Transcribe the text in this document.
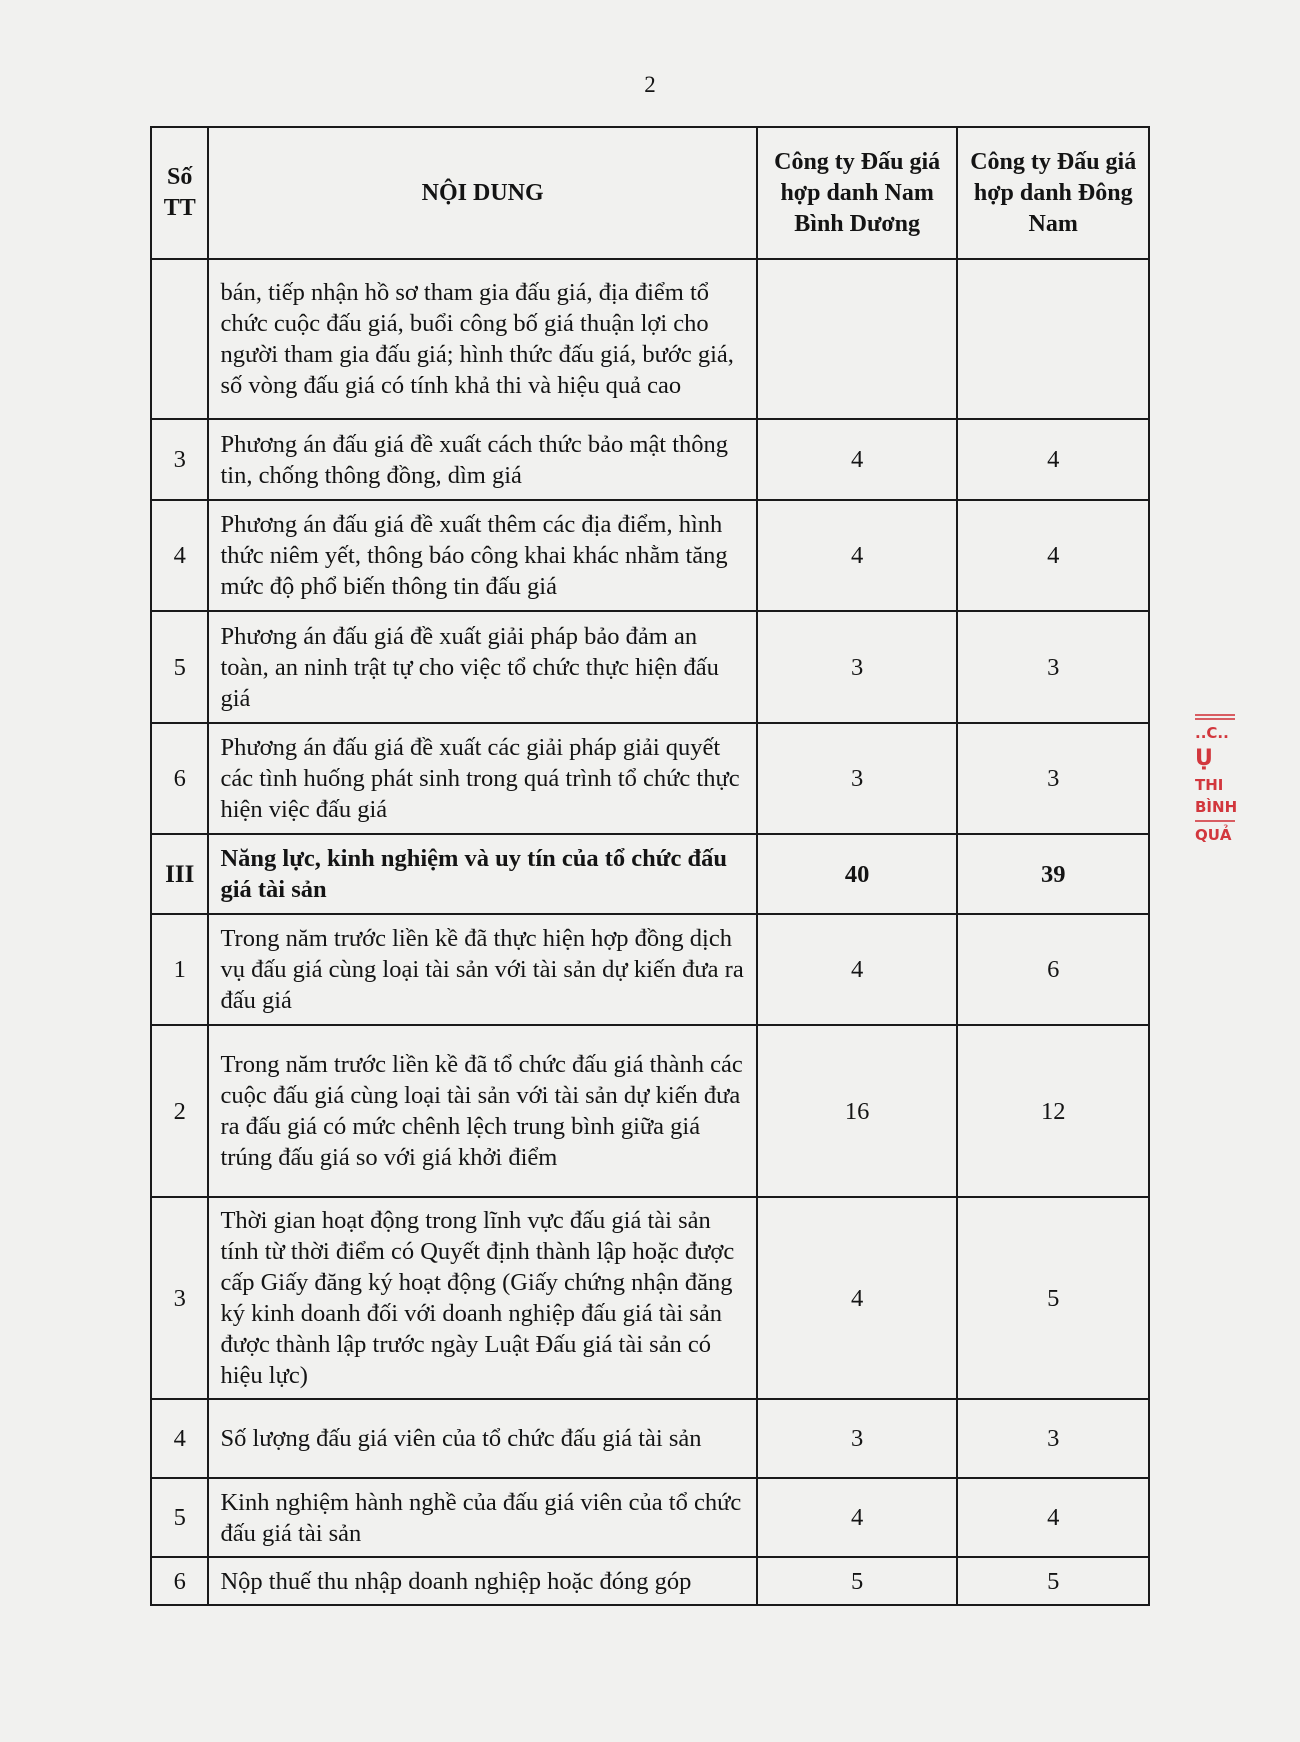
2
Số TT	NỘI DUNG	Công ty Đấu giá hợp danh Nam Bình Dương	Công ty Đấu giá hợp danh Đông Nam
	bán, tiếp nhận hồ sơ tham gia đấu giá, địa điểm tổ chức cuộc đấu giá, buổi công bố giá thuận lợi cho người tham gia đấu giá; hình thức đấu giá, bước giá, số vòng đấu giá có tính khả thi và hiệu quả cao		
3	Phương án đấu giá đề xuất cách thức bảo mật thông tin, chống thông đồng, dìm giá	4	4
4	Phương án đấu giá đề xuất thêm các địa điểm, hình thức niêm yết, thông báo công khai khác nhằm tăng mức độ phổ biến thông tin đấu giá	4	4
5	Phương án đấu giá đề xuất giải pháp bảo đảm an toàn, an ninh trật tự cho việc tổ chức thực hiện đấu giá	3	3
6	Phương án đấu giá đề xuất các giải pháp giải quyết các tình huống phát sinh trong quá trình tổ chức thực hiện việc đấu giá	3	3
III	Năng lực, kinh nghiệm và uy tín của tổ chức đấu giá tài sản	40	39
1	Trong năm trước liền kề đã thực hiện hợp đồng dịch vụ đấu giá cùng loại tài sản với tài sản dự kiến đưa ra đấu giá	4	6
2	Trong năm trước liền kề đã tổ chức đấu giá thành các cuộc đấu giá cùng loại tài sản với tài sản dự kiến đưa ra đấu giá có mức chênh lệch trung bình giữa giá trúng đấu giá so với giá khởi điểm	16	12
3	Thời gian hoạt động trong lĩnh vực đấu giá tài sản tính từ thời điểm có Quyết định thành lập hoặc được cấp Giấy đăng ký hoạt động (Giấy chứng nhận đăng ký kinh doanh đối với doanh nghiệp đấu giá tài sản được thành lập trước ngày Luật Đấu giá tài sản có hiệu lực)	4	5
4	Số lượng đấu giá viên của tổ chức đấu giá tài sản	3	3
5	Kinh nghiệm hành nghề của đấu giá viên của tổ chức đấu giá tài sản	4	4
6	Nộp thuế thu nhập doanh nghiệp hoặc đóng góp	5	5
..C..
Ụ
THI
BÌNH
QUẢ
